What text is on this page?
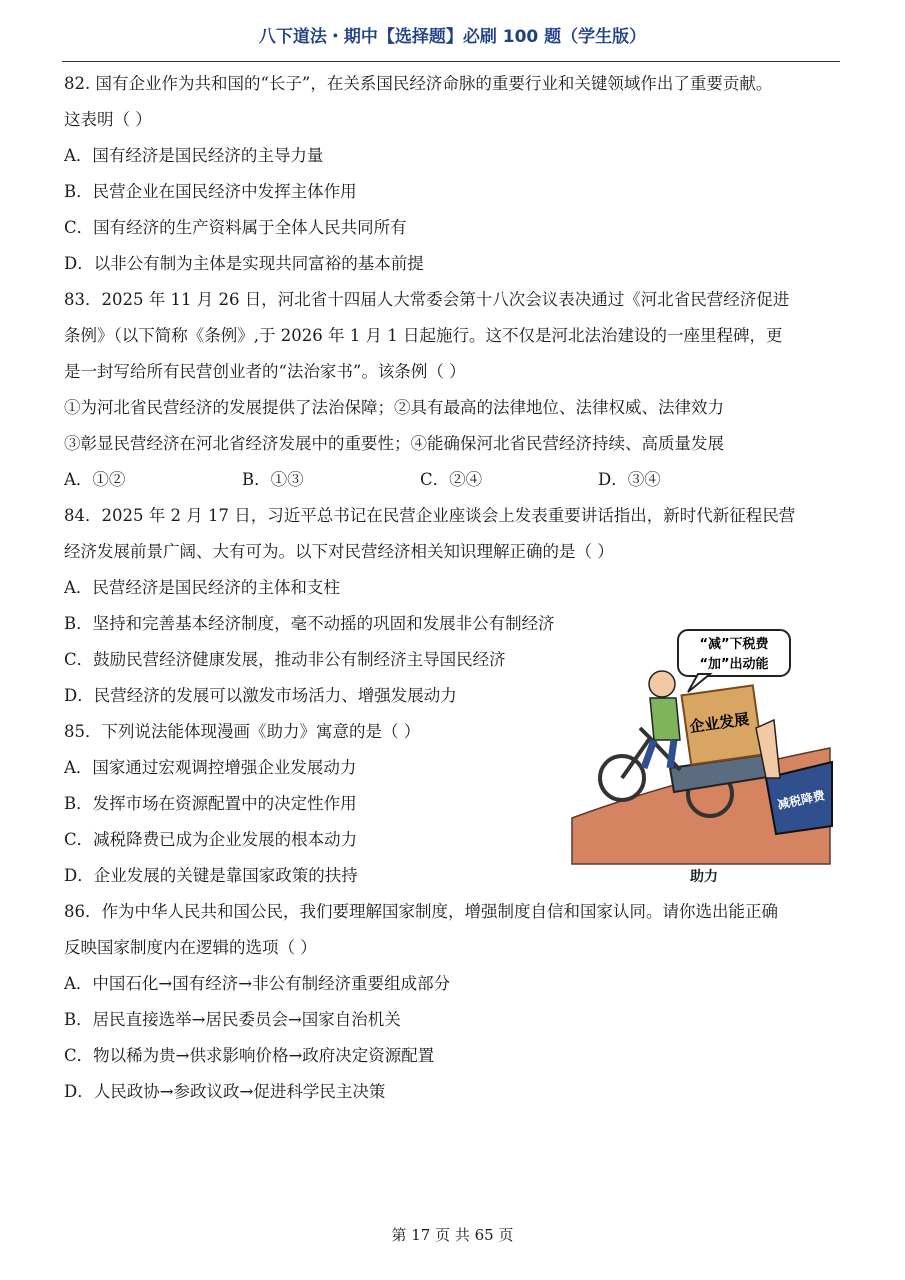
八下道法・期中【选择题】必刷 100 题（学生版）
82. 国有企业作为共和国的“长子”，在关系国民经济命脉的重要行业和关键领域作出了重要贡献。
这表明（ ）
A．国有经济是国民经济的主导力量
B．民营企业在国民经济中发挥主体作用
C．国有经济的生产资料属于全体人民共同所有
D．以非公有制为主体是实现共同富裕的基本前提
83．2025 年 11 月 26 日，河北省十四届人大常委会第十八次会议表决通过《河北省民营经济促进
条例》（以下简称《条例》,于 2026 年 1 月 1 日起施行。这不仅是河北法治建设的一座里程碑，更
是一封写给所有民营创业者的“法治家书”。该条例（ ）
①为河北省民营经济的发展提供了法治保障；②具有最高的法律地位、法律权威、法律效力
③彰显民营经济在河北省经济发展中的重要性；④能确保河北省民营经济持续、高质量发展
A．①②	B．①③	C．②④	D．③④
84．2025 年 2 月 17 日，习近平总书记在民营企业座谈会上发表重要讲话指出，新时代新征程民营
经济发展前景广阔、大有可为。以下对民营经济相关知识理解正确的是（ ）
A．民营经济是国民经济的主体和支柱
B．坚持和完善基本经济制度，毫不动摇的巩固和发展非公有制经济
C．鼓励民营经济健康发展，推动非公有制经济主导国民经济
D．民营经济的发展可以激发市场活力、增强发展动力
85．下列说法能体现漫画《助力》寓意的是（ ）
A．国家通过宏观调控增强企业发展动力
B．发挥市场在资源配置中的决定性作用
C．减税降费已成为企业发展的根本动力
D．企业发展的关键是靠国家政策的扶持
86．作为中华人民共和国公民，我们要理解国家制度，增强制度自信和国家认同。请你选出能正确
反映国家制度内在逻辑的选项（ ）
A．中国石化→国有经济→非公有制经济重要组成部分
B．居民直接选举→居民委员会→国家自治机关
C．物以稀为贵→供求影响价格→政府决定资源配置
D．人民政协→参政议政→促进科学民主决策
“减”下税费
“加”出动能
企业发展
减税降费
助力
第 17 页 共 65 页
